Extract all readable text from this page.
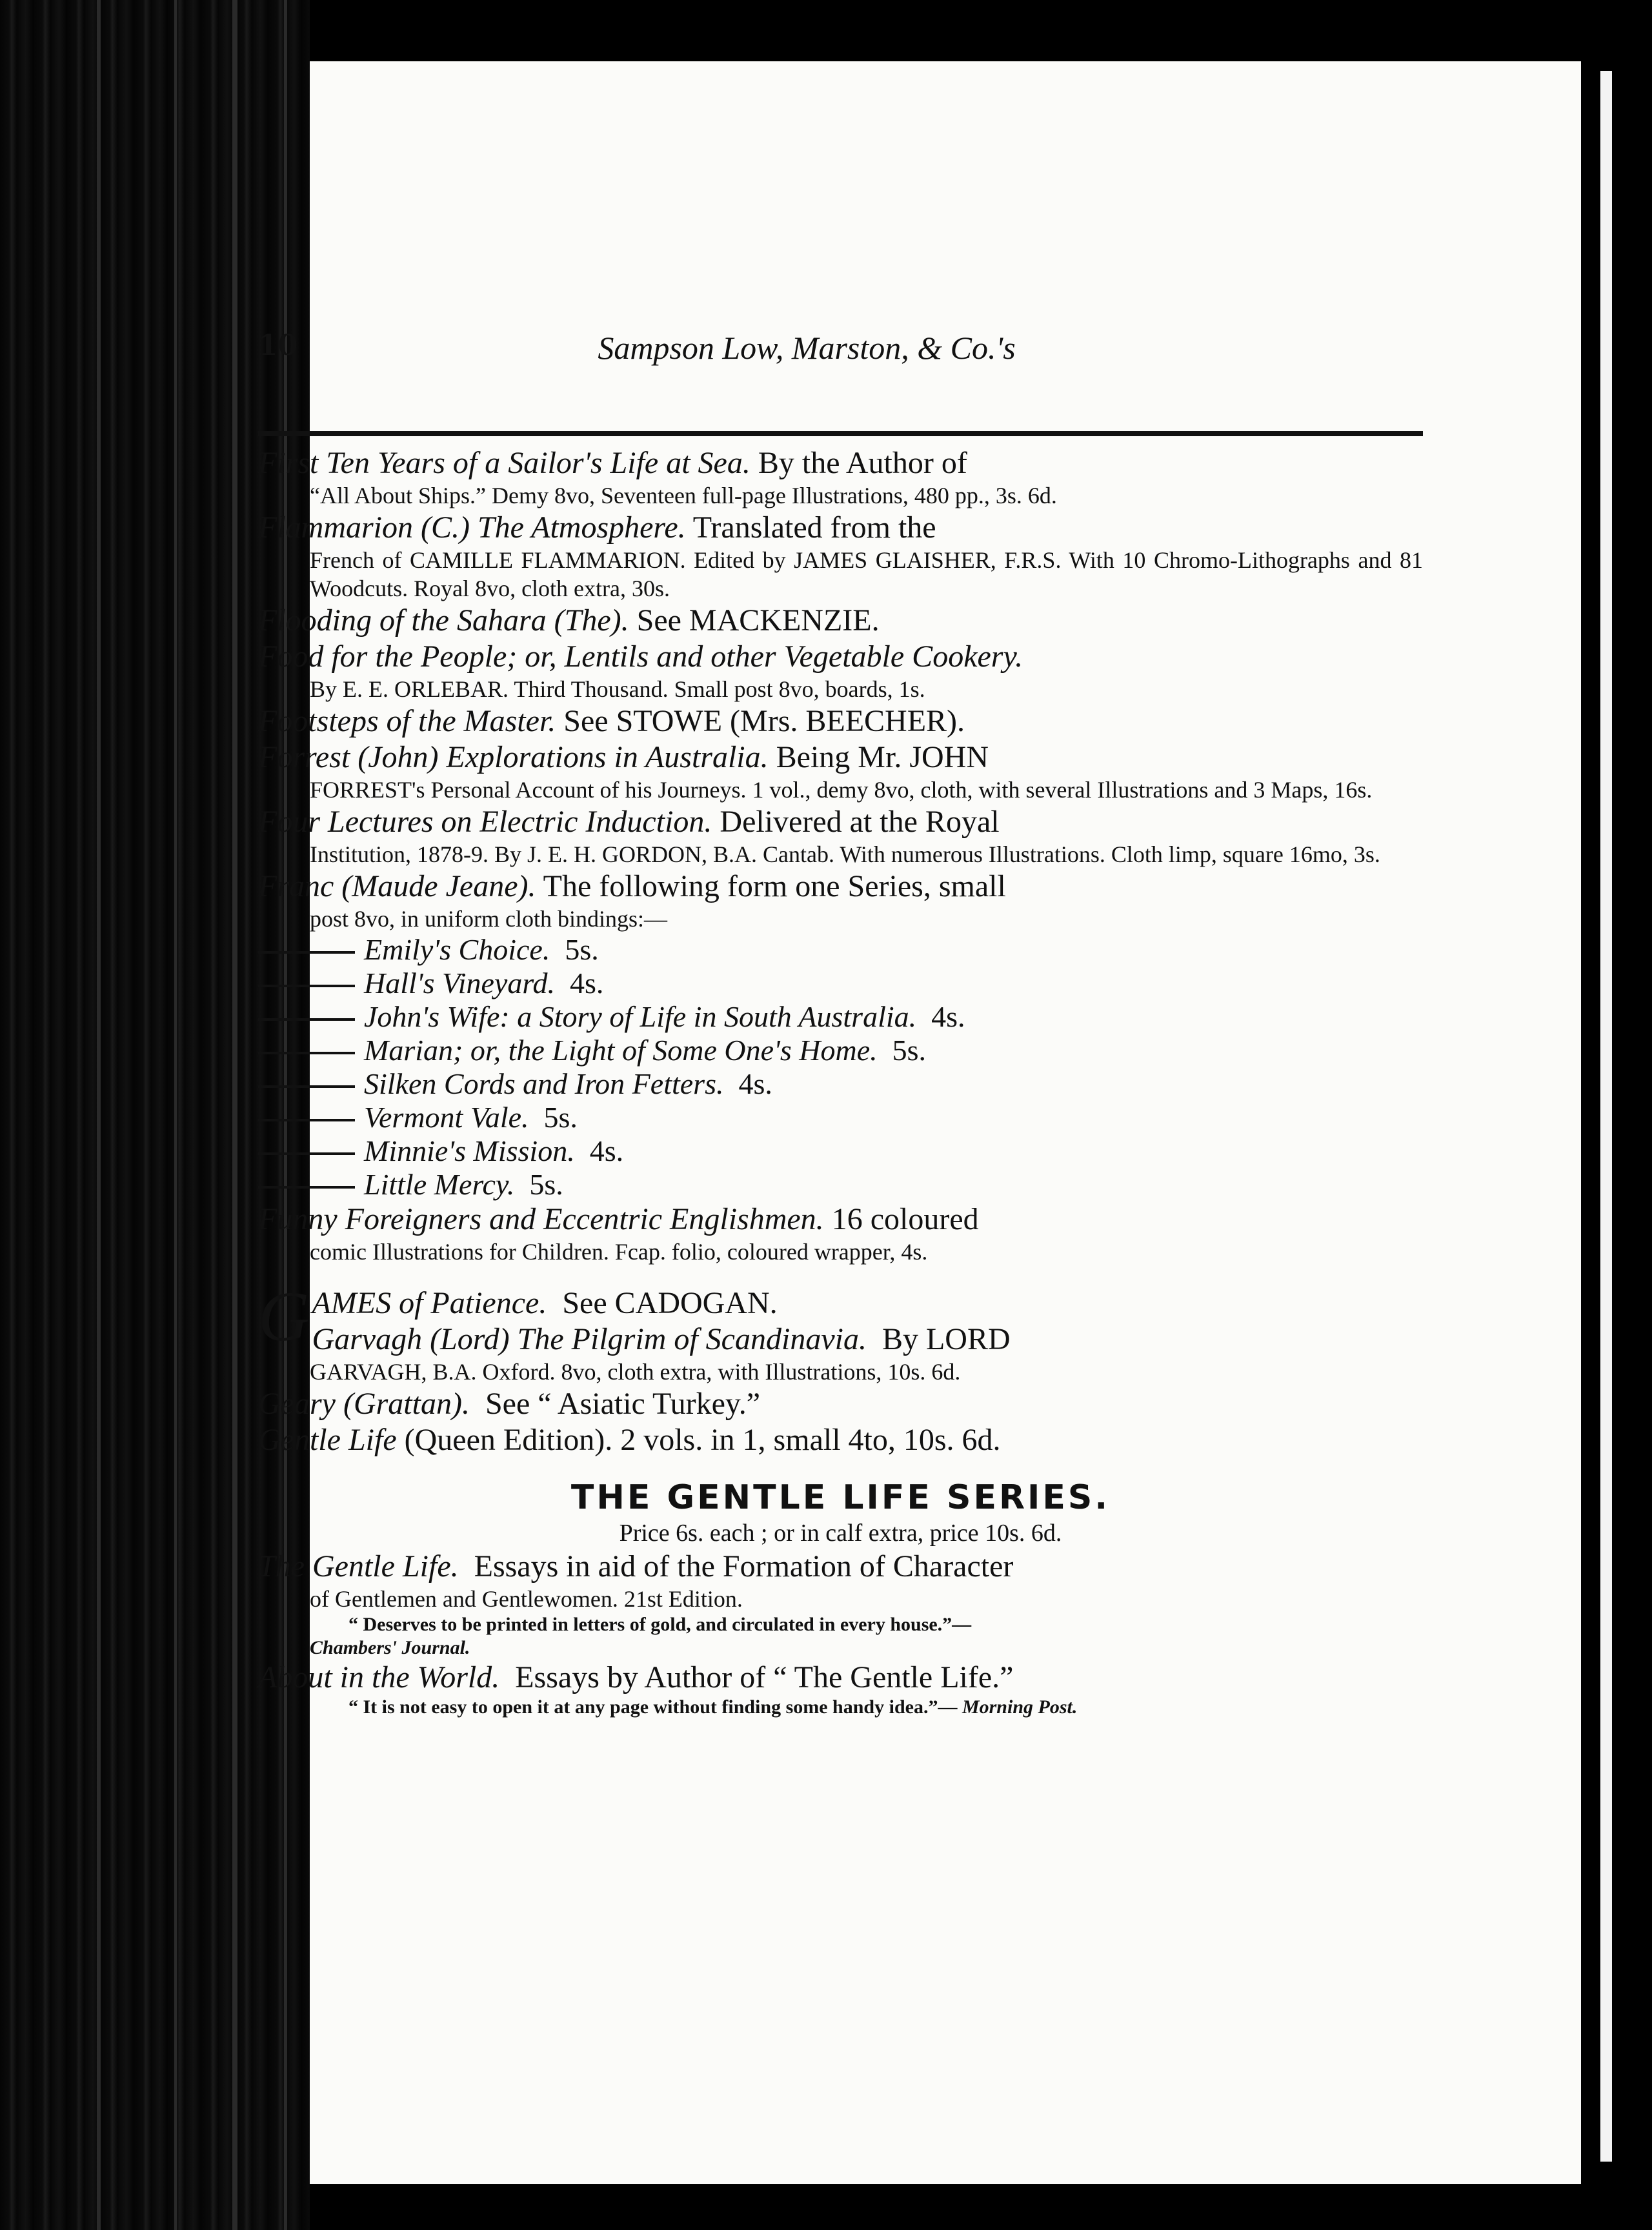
10	Sampson Low, Marston, & Co.'s
First Ten Years of a Sailor's Life at Sea. By the Author of
“All About Ships.” Demy 8vo, Seventeen full-page Illustrations, 480 pp., 3s. 6d.
Flammarion (C.) The Atmosphere. Translated from the
French of CAMILLE FLAMMARION. Edited by JAMES GLAISHER, F.R.S. With 10 Chromo-Lithographs and 81 Woodcuts. Royal 8vo, cloth extra, 30s.
Flooding of the Sahara (The). See MACKENZIE.
Food for the People; or, Lentils and other Vegetable Cookery.
By E. E. ORLEBAR. Third Thousand. Small post 8vo, boards, 1s.
Footsteps of the Master. See STOWE (Mrs. BEECHER).
Forrest (John) Explorations in Australia. Being Mr. JOHN
FORREST's Personal Account of his Journeys. 1 vol., demy 8vo, cloth, with several Illustrations and 3 Maps, 16s.
Four Lectures on Electric Induction. Delivered at the Royal
Institution, 1878-9. By J. E. H. GORDON, B.A. Cantab. With numerous Illustrations. Cloth limp, square 16mo, 3s.
Franc (Maude Jeane). The following form one Series, small
post 8vo, in uniform cloth bindings:—
Emily's Choice. 5s.
Hall's Vineyard. 4s.
John's Wife: a Story of Life in South Australia. 4s.
Marian; or, the Light of Some One's Home. 5s.
Silken Cords and Iron Fetters. 4s.
Vermont Vale. 5s.
Minnie's Mission. 4s.
Little Mercy. 5s.
Funny Foreigners and Eccentric Englishmen. 16 coloured
comic Illustrations for Children. Fcap. folio, coloured wrapper, 4s.
G AMES of Patience. See CADOGAN.
Garvagh (Lord) The Pilgrim of Scandinavia. By LORD
GARVAGH, B.A. Oxford. 8vo, cloth extra, with Illustrations, 10s. 6d.
Geary (Grattan). See “ Asiatic Turkey.”
Gentle Life (Queen Edition). 2 vols. in 1, small 4to, 10s. 6d.
THE GENTLE LIFE SERIES.
Price 6s. each ; or in calf extra, price 10s. 6d.
The Gentle Life. Essays in aid of the Formation of Character
of Gentlemen and Gentlewomen. 21st Edition.
“ Deserves to be printed in letters of gold, and circulated in every house.”—
Chambers' Journal.
About in the World. Essays by Author of “ The Gentle Life.”
“ It is not easy to open it at any page without finding some handy idea.”— Morning Post.
